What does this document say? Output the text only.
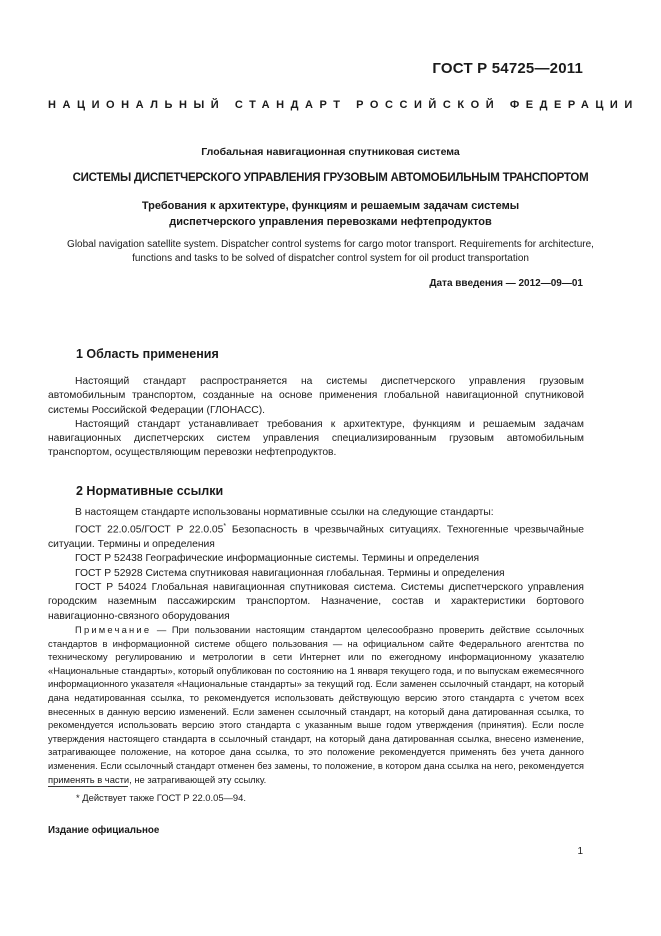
ГОСТ Р 54725—2011
НАЦИОНАЛЬНЫЙ СТАНДАРТ РОССИЙСКОЙ ФЕДЕРАЦИИ
Глобальная навигационная спутниковая система
СИСТЕМЫ ДИСПЕТЧЕРСКОГО УПРАВЛЕНИЯ ГРУЗОВЫМ АВТОМОБИЛЬНЫМ ТРАНСПОРТОМ
Требования к архитектуре, функциям и решаемым задачам системы
диспетчерского управления перевозками нефтепродуктов
Global navigation satellite system. Dispatcher control systems for cargo motor transport. Requirements for architecture,
functions and tasks to be solved of dispatcher control system for oil product transportation
Дата введения — 2012—09—01
1 Область применения

Настоящий стандарт распространяется на системы диспетчерского управления грузовым автомобильным транспортом, созданные на основе применения глобальной навигационной спутниковой системы Российской Федерации (ГЛОНАСС).

Настоящий стандарт устанавливает требования к архитектуре, функциям и решаемым задачам навигационных диспетчерских систем управления специализированным грузовым автомобильным транспортом, осуществляющим перевозки нефтепродуктов.

2 Нормативные ссылки

В настоящем стандарте использованы нормативные ссылки на следующие стандарты:

ГОСТ 22.0.05/ГОСТ Р 22.0.05* Безопасность в чрезвычайных ситуациях. Техногенные чрезвычайные ситуации. Термины и определения

ГОСТ Р 52438 Географические информационные системы. Термины и определения

ГОСТ Р 52928 Система спутниковая навигационная глобальная. Термины и определения

ГОСТ Р 54024 Глобальная навигационная спутниковая система. Системы диспетчерского управления городским наземным пассажирским транспортом. Назначение, состав и характеристики бортового навигационно-связного оборудования

Примечание — При пользовании настоящим стандартом целесообразно проверить действие ссылочных стандартов в информационной системе общего пользования — на официальном сайте Федерального агентства по техническому регулированию и метрологии в сети Интернет или по ежегодному информационному указателю «Национальные стандарты», который опубликован по состоянию на 1 января текущего года, и по выпускам ежемесячного информационного указателя «Национальные стандарты» за текущий год. Если заменен ссылочный стандарт, на который дана недатированная ссылка, то рекомендуется использовать действующую версию этого стандарта с учетом всех внесенных в данную версию изменений. Если заменен ссылочный стандарт, на который дана датированная ссылка, то рекомендуется использовать версию этого стандарта с указанным выше годом утверждения (принятия). Если после утверждения настоящего стандарта в ссылочный стандарт, на который дана датированная ссылка, внесено изменение, затрагивающее положение, на которое дана ссылка, то это положение рекомендуется применять без учета данного изменения. Если ссылочный стандарт отменен без замены, то положение, в котором дана ссылка на него, рекомендуется применять в части, не затрагивающей эту ссылку.

* Действует также ГОСТ Р 22.0.05—94.
Издание официальное
1
